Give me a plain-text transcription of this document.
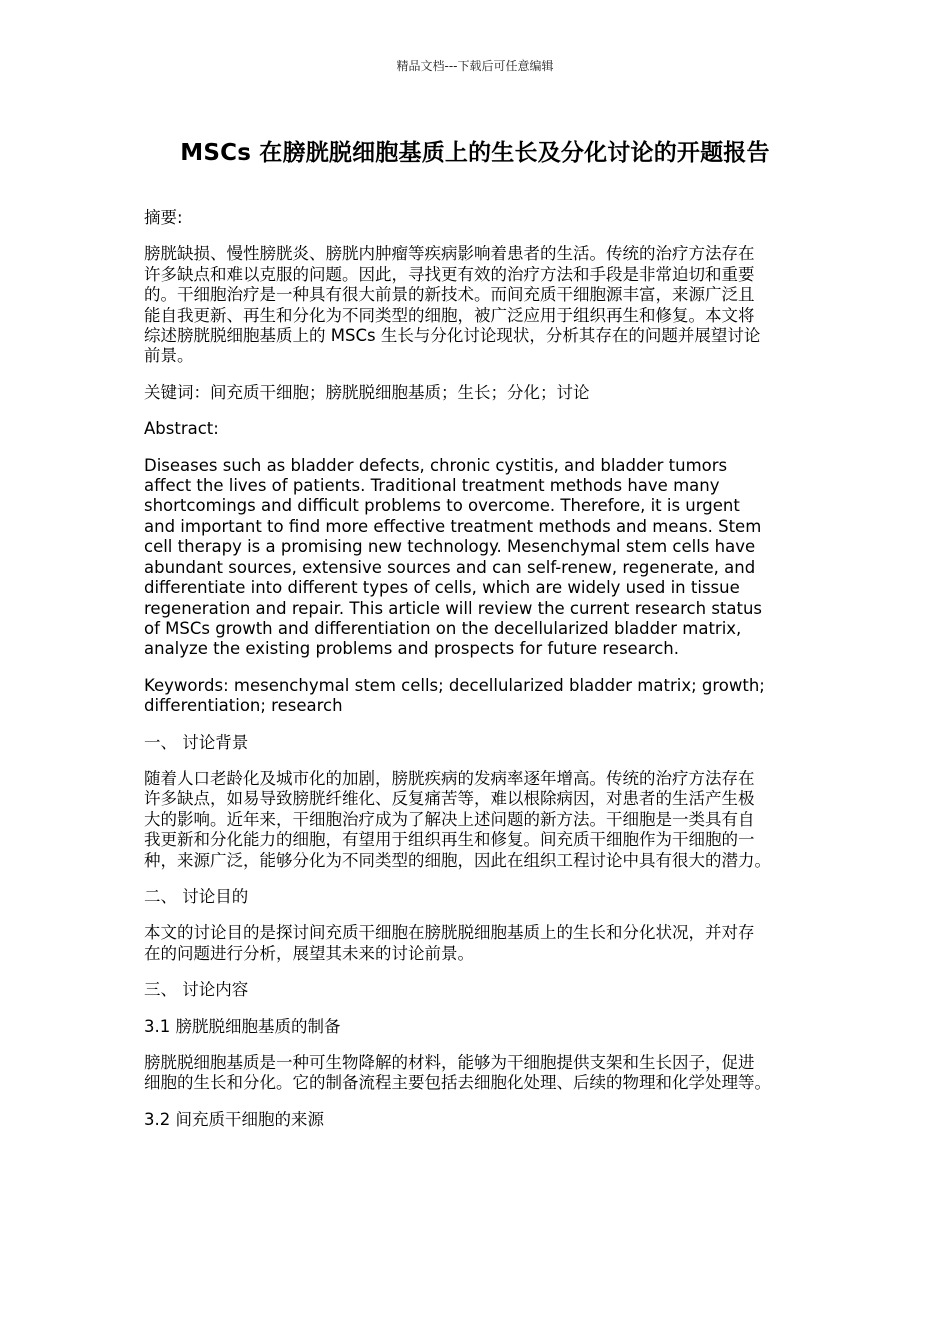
精品文档---下载后可任意编辑
MSCs 在膀胱脱细胞基质上的生长及分化讨论的开题报告

摘要:

膀胱缺损、慢性膀胱炎、膀胱内肿瘤等疾病影响着患者的生活。传统的治疗方法存在
许多缺点和难以克服的问题。因此，寻找更有效的治疗方法和手段是非常迫切和重要
的。干细胞治疗是一种具有很大前景的新技术。而间充质干细胞源丰富，来源广泛且
能自我更新、再生和分化为不同类型的细胞，被广泛应用于组织再生和修复。本文将
综述膀胱脱细胞基质上的 MSCs 生长与分化讨论现状，分析其存在的问题并展望讨论
前景。

关键词：间充质干细胞；膀胱脱细胞基质；生长；分化；讨论

Abstract:

Diseases such as bladder defects, chronic cystitis, and bladder tumors
affect the lives of patients. Traditional treatment methods have many
shortcomings and difficult problems to overcome. Therefore, it is urgent
and important to find more effective treatment methods and means. Stem
cell therapy is a promising new technology. Mesenchymal stem cells have
abundant sources, extensive sources and can self-renew, regenerate, and
differentiate into different types of cells, which are widely used in tissue
regeneration and repair. This article will review the current research status
of MSCs growth and differentiation on the decellularized bladder matrix,
analyze the existing problems and prospects for future research.

Keywords: mesenchymal stem cells; decellularized bladder matrix; growth;
differentiation; research

一、 讨论背景

随着人口老龄化及城市化的加剧，膀胱疾病的发病率逐年增高。传统的治疗方法存在
许多缺点，如易导致膀胱纤维化、反复痛苦等，难以根除病因，对患者的生活产生极
大的影响。近年来，干细胞治疗成为了解决上述问题的新方法。干细胞是一类具有自
我更新和分化能力的细胞，有望用于组织再生和修复。间充质干细胞作为干细胞的一
种，来源广泛，能够分化为不同类型的细胞，因此在组织工程讨论中具有很大的潜力。

二、 讨论目的

本文的讨论目的是探讨间充质干细胞在膀胱脱细胞基质上的生长和分化状况，并对存
在的问题进行分析，展望其未来的讨论前景。

三、 讨论内容

3.1 膀胱脱细胞基质的制备

膀胱脱细胞基质是一种可生物降解的材料，能够为干细胞提供支架和生长因子，促进
细胞的生长和分化。它的制备流程主要包括去细胞化处理、后续的物理和化学处理等。

3.2 间充质干细胞的来源
